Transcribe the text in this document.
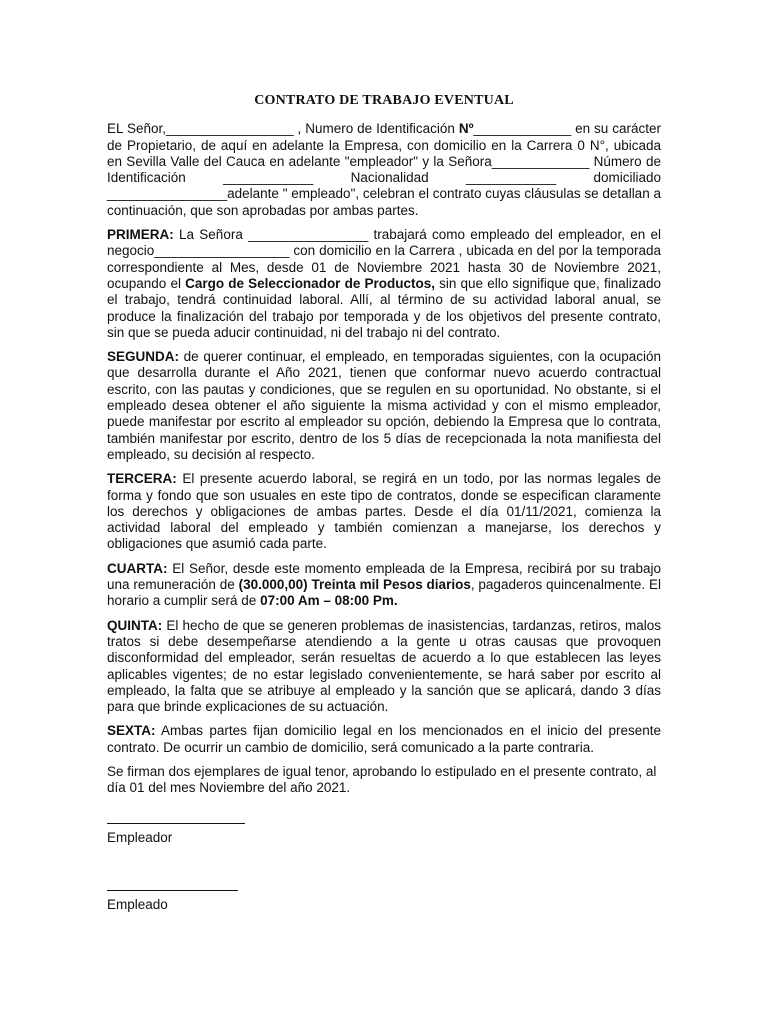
CONTRATO DE TRABAJO EVENTUAL

EL Señor,_________________ , Numero de Identificación Nº_____________ en su carácter de Propietario, de aquí en adelante la Empresa, con domicilio en la Carrera 0 N°, ubicada en Sevilla Valle del Cauca en adelante "empleador" y la Señora_____________ Número de Identificación ____________ Nacionalidad ____________ domiciliado ________________adelante " empleado", celebran el contrato cuyas cláusulas se detallan a continuación, que son aprobadas por ambas partes.

PRIMERA: La Señora ________________ trabajará como empleado del empleador, en el negocio__________________ con domicilio en la Carrera , ubicada en del por la temporada correspondiente al Mes, desde 01 de Noviembre 2021 hasta 30 de Noviembre 2021, ocupando el Cargo de Seleccionador de Productos, sin que ello signifique que, finalizado el trabajo, tendrá continuidad laboral. Allí, al término de su actividad laboral anual, se produce la finalización del trabajo por temporada y de los objetivos del presente contrato, sin que se pueda aducir continuidad, ni del trabajo ni del contrato.

SEGUNDA: de querer continuar, el empleado, en temporadas siguientes, con la ocupación que desarrolla durante el Año 2021, tienen que conformar nuevo acuerdo contractual escrito, con las pautas y condiciones, que se regulen en su oportunidad. No obstante, si el empleado desea obtener el año siguiente la misma actividad y con el mismo empleador, puede manifestar por escrito al empleador su opción, debiendo la Empresa que lo contrata, también manifestar por escrito, dentro de los 5 días de recepcionada la nota manifiesta del empleado, su decisión al respecto.

TERCERA: El presente acuerdo laboral, se regirá en un todo, por las normas legales de forma y fondo que son usuales en este tipo de contratos, donde se especifican claramente los derechos y obligaciones de ambas partes. Desde el día 01/11/2021, comienza la actividad laboral del empleado y también comienzan a manejarse, los derechos y obligaciones que asumió cada parte.

CUARTA: El Señor, desde este momento empleada de la Empresa, recibirá por su trabajo una remuneración de (30.000,00) Treinta mil Pesos diarios, pagaderos quincenalmente. El horario a cumplir será de 07:00 Am – 08:00 Pm.

QUINTA: El hecho de que se generen problemas de inasistencias, tardanzas, retiros, malos tratos si debe desempeñarse atendiendo a la gente u otras causas que provoquen disconformidad del empleador, serán resueltas de acuerdo a lo que establecen las leyes aplicables vigentes; de no estar legislado convenientemente, se hará saber por escrito al empleado, la falta que se atribuye al empleado y la sanción que se aplicará, dando 3 días para que brinde explicaciones de su actuación.

SEXTA: Ambas partes fijan domicilio legal en los mencionados en el inicio del presente contrato. De ocurrir un cambio de domicilio, será comunicado a la parte contraria.

Se firman dos ejemplares de igual tenor, aprobando lo estipulado en el presente contrato, al día 01 del mes Noviembre del año 2021.

Empleador
Empleado
